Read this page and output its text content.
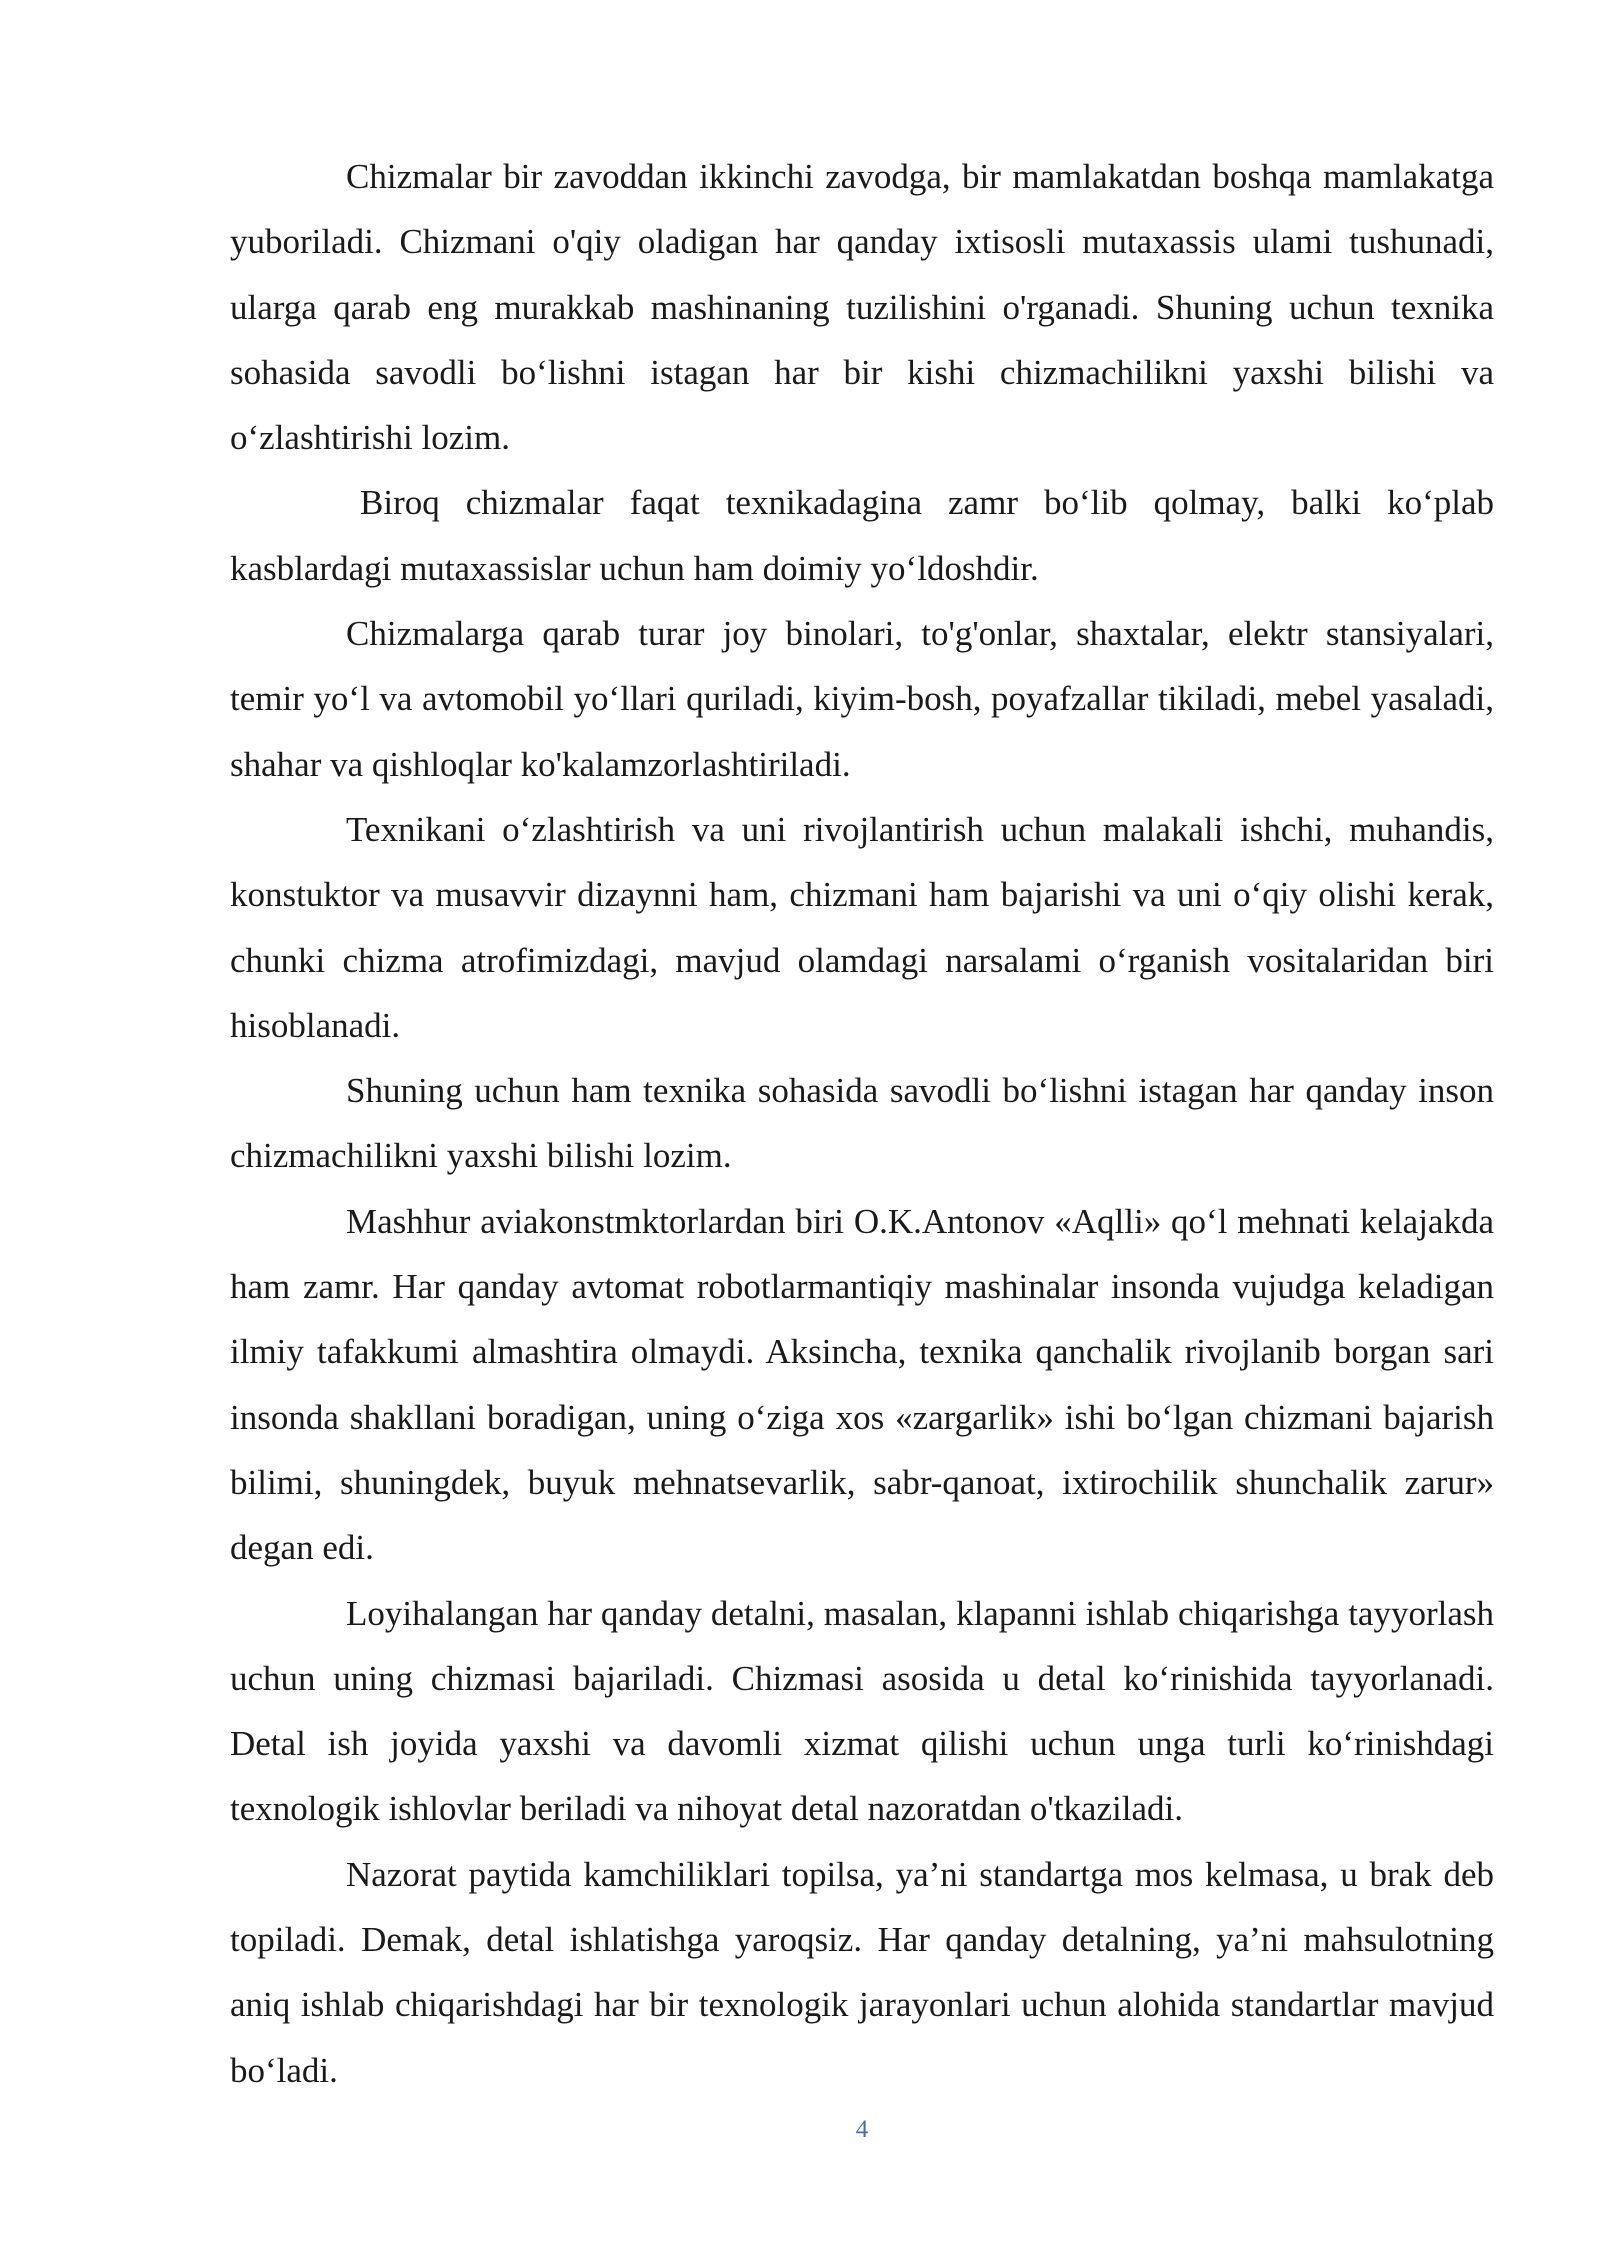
Chizmalar bir zavoddan ikkinchi zavodga, bir mamlakatdan boshqa mamlakatga yuboriladi. Chizmani o'qiy oladigan har qanday ixtisosli mutaxassis ulami tushunadi, ularga qarab eng murakkab mashinaning tuzilishini o'rganadi. Shuning uchun texnika sohasida savodli bo‘lishni istagan har bir kishi chizmachilikni yaxshi bilishi va o‘zlashtirishi lozim.

Biroq chizmalar faqat texnikadagina zamr bo‘lib qolmay, balki ko‘plab kasblardagi mutaxassislar uchun ham doimiy yo‘ldoshdir.

Chizmalarga qarab turar joy binolari, to'g'onlar, shaxtalar, elektr stansiyalari, temir yo‘l va avtomobil yo‘llari quriladi, kiyim-bosh, poyafzallar tikiladi, mebel yasaladi, shahar va qishloqlar ko'kalamzorlashtiriladi.

Texnikani o‘zlashtirish va uni rivojlantirish uchun malakali ishchi, muhandis, konstuktor va musavvir dizaynni ham, chizmani ham bajarishi va uni o‘qiy olishi kerak, chunki chizma atrofimizdagi, mavjud olamdagi narsalami o‘rganish vositalaridan biri hisoblanadi.

Shuning uchun ham texnika sohasida savodli bo‘lishni istagan har qanday inson chizmachilikni yaxshi bilishi lozim.

Mashhur aviakonstmktorlardan biri O.K.Antonov «Aqlli» qo‘l mehnati kelajakda ham zamr. Har qanday avtomat robotlarmantiqiy mashinalar insonda vujudga keladigan ilmiy tafakkumi almashtira olmaydi. Aksincha, texnika qanchalik rivojlanib borgan sari insonda shakllani boradigan, uning o‘ziga xos «zargarlik» ishi bo‘lgan chizmani bajarish bilimi, shuningdek, buyuk mehnatsevarlik, sabr-qanoat, ixtirochilik shunchalik zarur» degan edi.

Loyihalangan har qanday detalni, masalan, klapanni ishlab chiqarishga tayyorlash uchun uning chizmasi bajariladi. Chizmasi asosida u detal ko‘rinishida tayyorlanadi. Detal ish joyida yaxshi va davomli xizmat qilishi uchun unga turli ko‘rinishdagi texnologik ishlovlar beriladi va nihoyat detal nazoratdan o'tkaziladi.

Nazorat paytida kamchiliklari topilsa, ya’ni standartga mos kelmasa, u brak deb topiladi. Demak, detal ishlatishga yaroqsiz. Har qanday detalning, ya’ni mahsulotning aniq ishlab chiqarishdagi har bir texnologik jarayonlari uchun alohida standartlar mavjud bo‘ladi.

4
